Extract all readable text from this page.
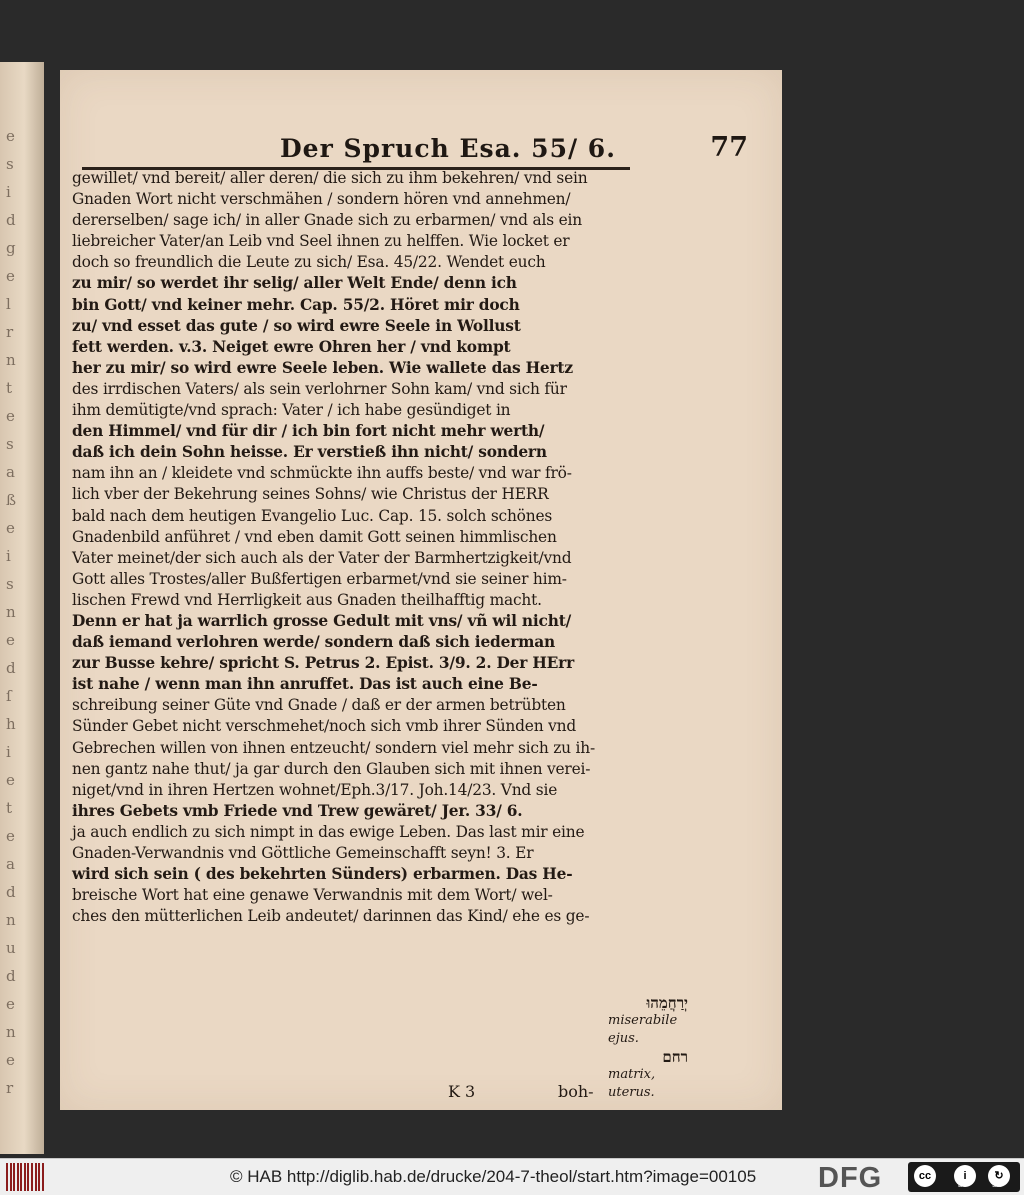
e
s
i
d
g
e
l
r
n
t
e
s
a
ß
e
i
s
n
e
d
ſ
h
i
e
t
e
a
d
n
u
d
e
n
e
r
Der Spruch Esa. 55/ 6.	77
gewillet/ vnd bereit/ aller deren/ die sich zu ihm bekehren/ vnd sein
Gnaden Wort nicht verschmähen / sondern hören vnd annehmen/
dererselben/ sage ich/ in aller Gnade sich zu erbarmen/ vnd als ein
liebreicher Vater/an Leib vnd Seel ihnen zu helffen. Wie locket er
doch so freundlich die Leute zu sich/ Esa. 45/22. Wendet euch
zu mir/ so werdet ihr selig/ aller Welt Ende/ denn ich
bin Gott/ vnd keiner mehr. Cap. 55/2. Höret mir doch
zu/ vnd esset das gute / so wird ewre Seele in Wollust
fett werden. v.3. Neiget ewre Ohren her / vnd kompt
her zu mir/ so wird ewre Seele leben. Wie wallete das Hertz
des irrdischen Vaters/ als sein verlohrner Sohn kam/ vnd sich für
ihm demütigte/vnd sprach: Vater / ich habe gesündiget in
den Himmel/ vnd für dir / ich bin fort nicht mehr werth/
daß ich dein Sohn heisse. Er verstieß ihn nicht/ sondern
nam ihn an / kleidete vnd schmückte ihn auffs beste/ vnd war frö-
lich vber der Bekehrung seines Sohns/ wie Christus der HERR
bald nach dem heutigen Evangelio Luc. Cap. 15. solch schönes
Gnadenbild anführet / vnd eben damit Gott seinen himmlischen
Vater meinet/der sich auch als der Vater der Barmhertzigkeit/vnd
Gott alles Trostes/aller Bußfertigen erbarmet/vnd sie seiner him-
lischen Frewd vnd Herrligkeit aus Gnaden theilhafftig macht.
Denn er hat ja warrlich grosse Gedult mit vns/ vñ wil nicht/
daß iemand verlohren werde/ sondern daß sich iederman
zur Busse kehre/ spricht S. Petrus 2. Epist. 3/9. 2. Der HErr
ist nahe / wenn man ihn anruffet. Das ist auch eine Be-
schreibung seiner Güte vnd Gnade / daß er der armen betrübten
Sünder Gebet nicht verschmehet/noch sich vmb ihrer Sünden vnd
Gebrechen willen von ihnen entzeucht/ sondern viel mehr sich zu ih-
nen gantz nahe thut/ ja gar durch den Glauben sich mit ihnen verei-
niget/vnd in ihren Hertzen wohnet/Eph.3/17. Joh.14/23. Vnd sie
ihres Gebets vmb Friede vnd Trew gewäret/ Jer. 33/ 6.
ja auch endlich zu sich nimpt in das ewige Leben. Das last mir eine
Gnaden-Verwandnis vnd Göttliche Gemeinschafft seyn! 3. Er
wird sich sein ( des bekehrten Sünders) erbarmen. Das He-
breische Wort hat eine genawe Verwandnis mit dem Wort/ wel-
ches den mütterlichen Leib andeutet/ darinnen das Kind/ ehe es ge-
K 3	boh-
יְרַחֲמֵהוּ
miserabile
ejus.
רחם
matrix,
uterus.
© HAB http://diglib.hab.de/drucke/204-7-theol/start.htm?image=00105 DFG	cc	i	↻
BY	SA
